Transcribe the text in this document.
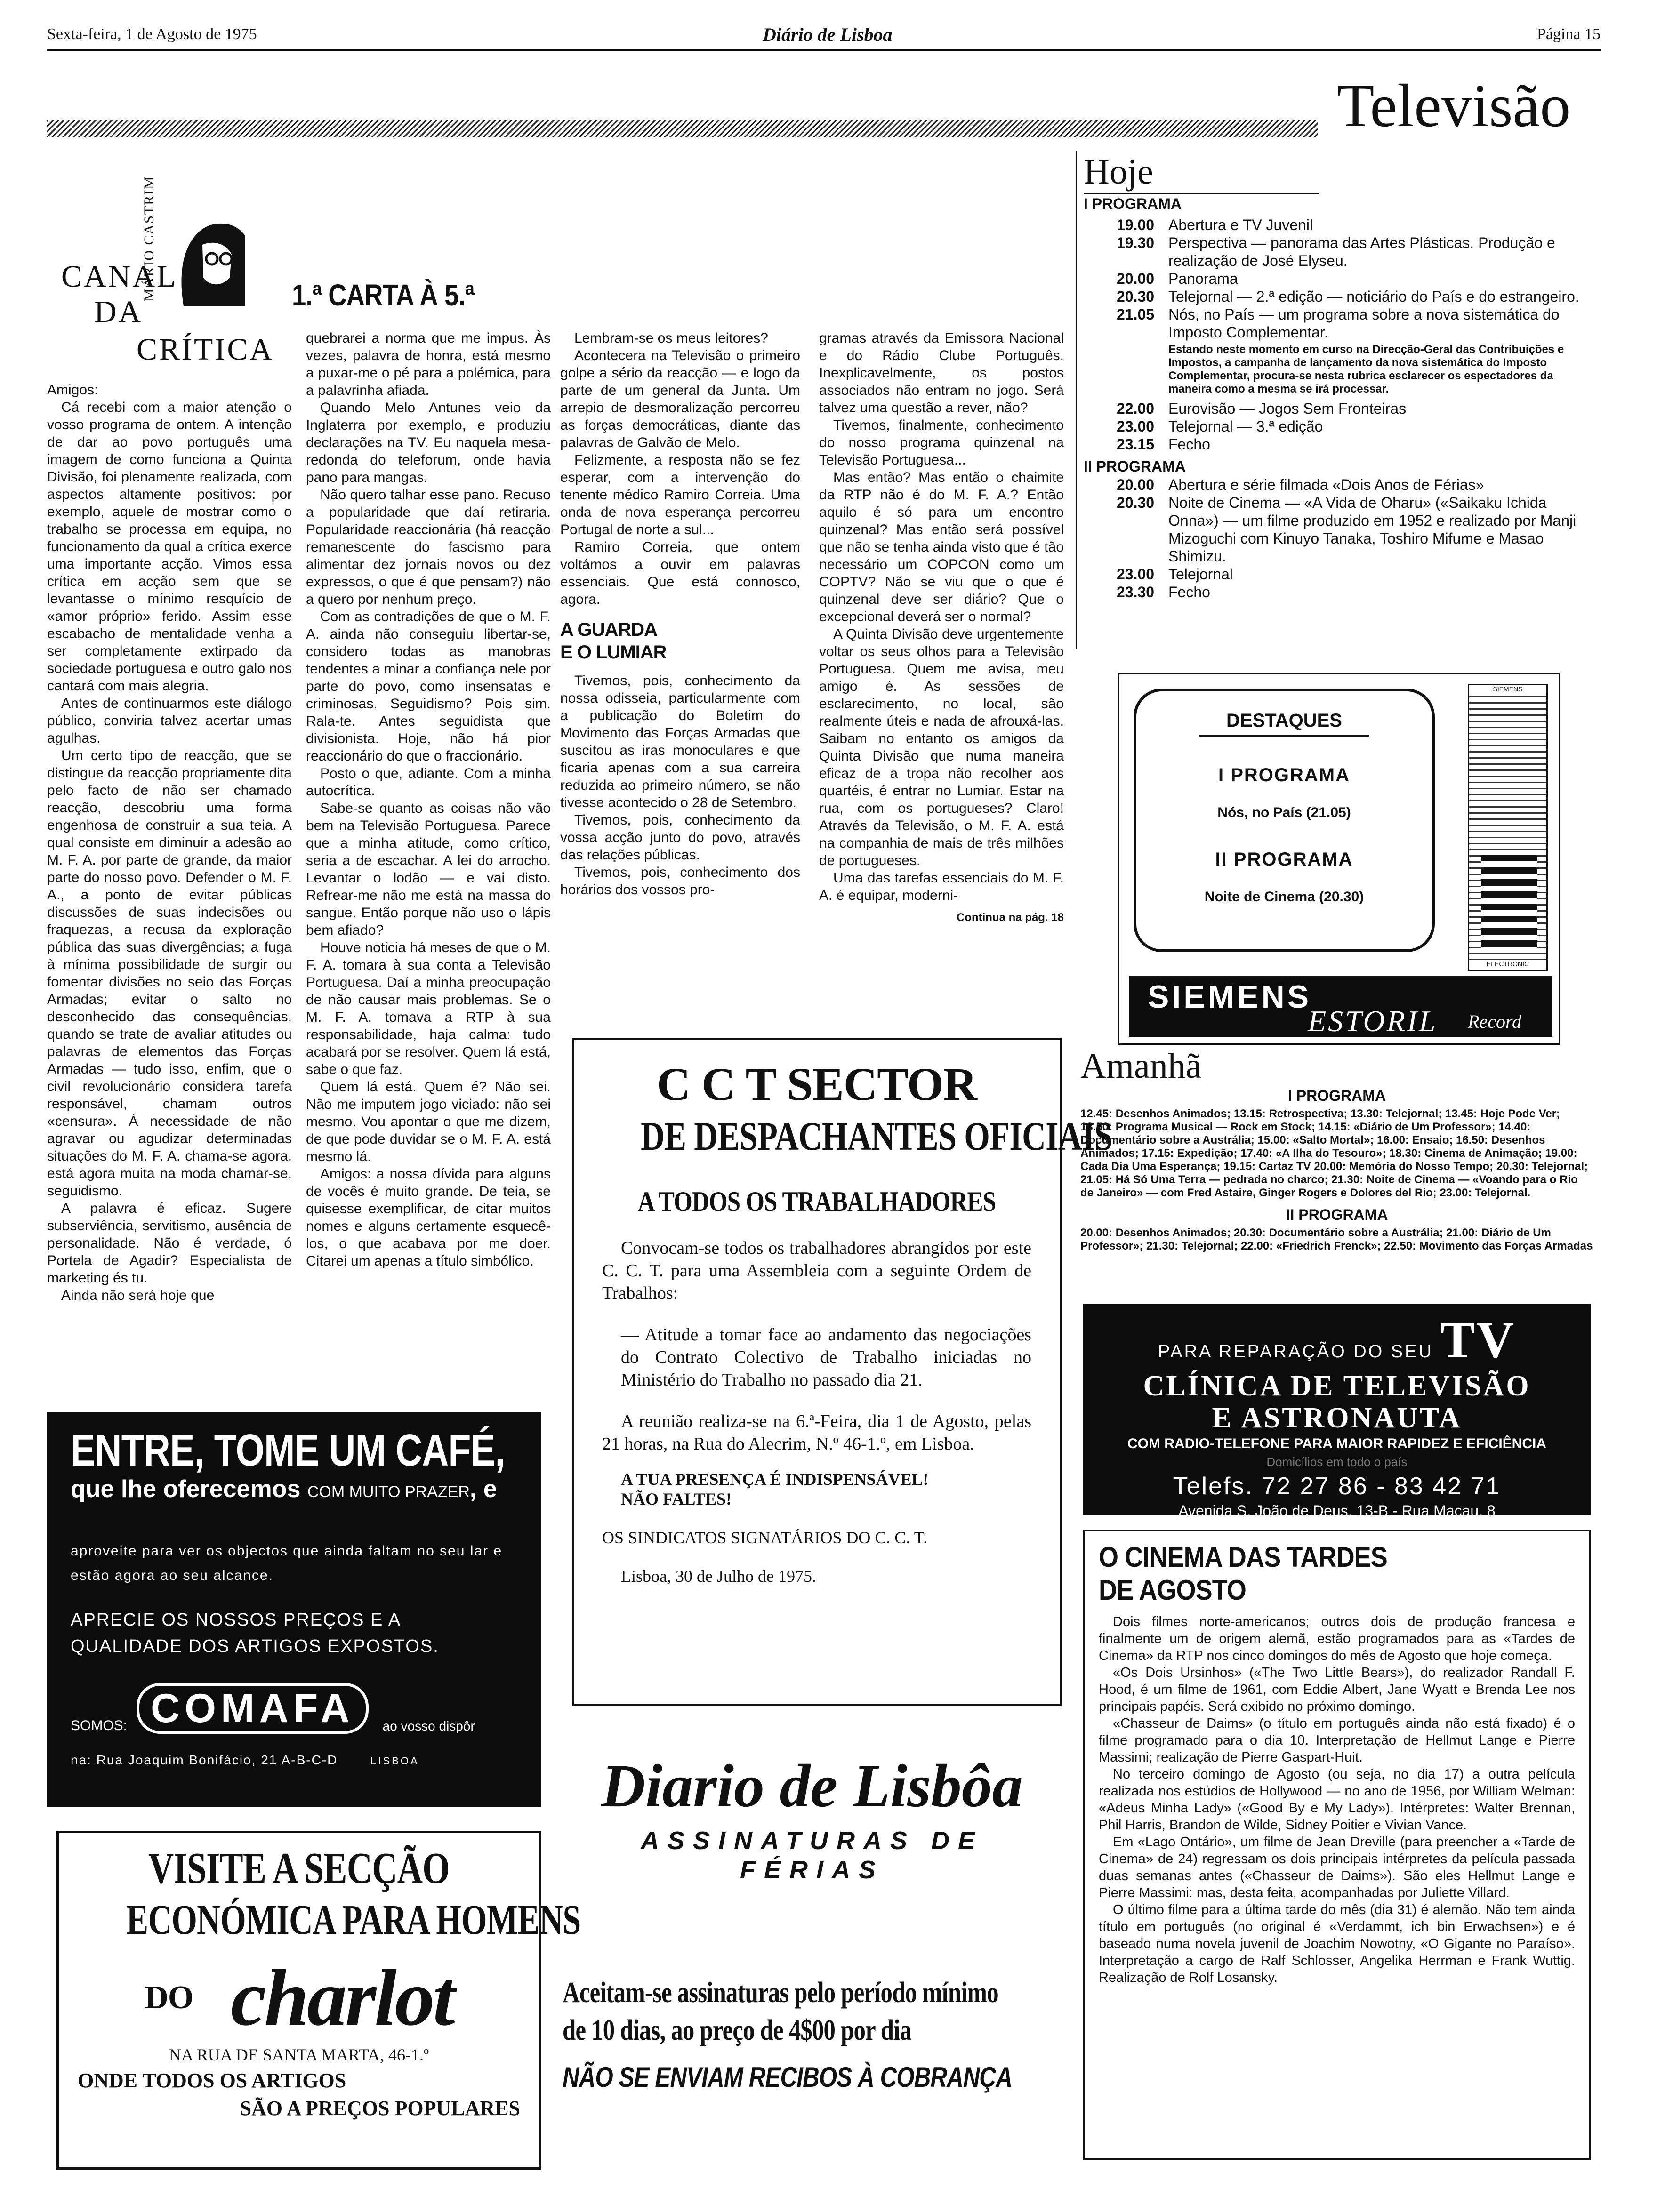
Sexta-feira, 1 de Agosto de 1975	Diário de Lisboa	Página 15
Televisão
CANAL
DA
CRÍTICA
MÁRIO CASTRIM	1.ª CARTA À 5.ª

Amigos:

Cá recebi com a maior atenção o vosso programa de ontem. A intenção de dar ao povo português uma imagem de como funciona a Quinta Divisão, foi plenamente realizada, com aspectos altamente positivos: por exemplo, aquele de mostrar como o trabalho se processa em equipa, no funcionamento da qual a crítica exerce uma importante acção. Vimos essa crítica em acção sem que se levantasse o mínimo resquício de «amor próprio» ferido. Assim esse escabacho de mentalidade venha a ser completamente extirpado da sociedade portuguesa e outro galo nos cantará com mais alegria.

Antes de continuarmos este diálogo público, conviria talvez acertar umas agulhas.

Um certo tipo de reacção, que se distingue da reacção propriamente dita pelo facto de não ser chamado reacção, descobriu uma forma engenhosa de construir a sua teia. A qual consiste em diminuir a adesão ao M. F. A. por parte de grande, da maior parte do nosso povo. Defender o M. F. A., a ponto de evitar públicas discussões de suas indecisões ou fraquezas, a recusa da exploração pública das suas divergências; a fuga à mínima possibilidade de surgir ou fomentar divisões no seio das Forças Armadas; evitar o salto no desconhecido das consequências, quando se trate de avaliar atitudes ou palavras de elementos das Forças Armadas — tudo isso, enfim, que o civil revolucionário considera tarefa responsável, chamam outros «censura». À necessidade de não agravar ou agudizar determinadas situações do M. F. A. chama-se agora, está agora muita na moda chamar-se, seguidismo.

A palavra é eficaz. Sugere subserviência, servitismo, ausência de personalidade. Não é verdade, ó Portela de Agadir? Especialista de marketing és tu.

Ainda não será hoje que

quebrarei a norma que me impus. Às vezes, palavra de honra, está mesmo a puxar-me o pé para a polémica, para a palavrinha afiada.

Quando Melo Antunes veio da Inglaterra por exemplo, e produziu declarações na TV. Eu naquela mesa-redonda do teleforum, onde havia pano para mangas.

Não quero talhar esse pano. Recuso a popularidade que daí retiraria. Popularidade reaccionária (há reacção remanescente do fascismo para alimentar dez jornais novos ou dez expressos, o que é que pensam?) não a quero por nenhum preço.

Com as contradições de que o M. F. A. ainda não conseguiu libertar-se, considero todas as manobras tendentes a minar a confiança nele por parte do povo, como insensatas e criminosas. Seguidismo? Pois sim. Rala-te. Antes seguidista que divisionista. Hoje, não há pior reaccionário do que o fraccionário.

Posto o que, adiante. Com a minha autocrítica.

Sabe-se quanto as coisas não vão bem na Televisão Portuguesa. Parece que a minha atitude, como crítico, seria a de escachar. A lei do arrocho. Levantar o lodão — e vai disto. Refrear-me não me está na massa do sangue. Então porque não uso o lápis bem afiado?

Houve noticia há meses de que o M. F. A. tomara à sua conta a Televisão Portuguesa. Daí a minha preocupação de não causar mais problemas. Se o M. F. A. tomava a RTP à sua responsabilidade, haja calma: tudo acabará por se resolver. Quem lá está, sabe o que faz.

Quem lá está. Quem é? Não sei. Não me imputem jogo viciado: não sei mesmo. Vou apontar o que me dizem, de que pode duvidar se o M. F. A. está mesmo lá.

Amigos: a nossa dívida para alguns de vocês é muito grande. De teia, se quisesse exemplificar, de citar muitos nomes e alguns certamente esquecê-los, o que acabava por me doer. Citarei um apenas a título simbólico.

Lembram-se os meus leitores?

Acontecera na Televisão o primeiro golpe a sério da reacção — e logo da parte de um general da Junta. Um arrepio de desmoralização percorreu as forças democráticas, diante das palavras de Galvão de Melo.

Felizmente, a resposta não se fez esperar, com a intervenção do tenente médico Ramiro Correia. Uma onda de nova esperança percorreu Portugal de norte a sul...

Ramiro Correia, que ontem voltámos a ouvir em palavras essenciais. Que está connosco, agora.

A GUARDA
E O LUMIAR

Tivemos, pois, conhecimento da nossa odisseia, particularmente com a publicação do Boletim do Movimento das Forças Armadas que suscitou as iras monoculares e que ficaria apenas com a sua carreira reduzida ao primeiro número, se não tivesse acontecido o 28 de Setembro.

Tivemos, pois, conhecimento da vossa acção junto do povo, através das relações públicas.

Tivemos, pois, conhecimento dos horários dos vossos pro-

gramas através da Emissora Nacional e do Rádio Clube Português. Inexplicavelmente, os postos associados não entram no jogo. Será talvez uma questão a rever, não?

Tivemos, finalmente, conhecimento do nosso programa quinzenal na Televisão Portuguesa...

Mas então? Mas então o chaimite da RTP não é do M. F. A.? Então aquilo é só para um encontro quinzenal? Mas então será possível que não se tenha ainda visto que é tão necessário um COPCON como um COPTV? Não se viu que o que é quinzenal deve ser diário? Que o excepcional deverá ser o normal?

A Quinta Divisão deve urgentemente voltar os seus olhos para a Televisão Portuguesa. Quem me avisa, meu amigo é. As sessões de esclarecimento, no local, são realmente úteis e nada de afrouxá-las. Saibam no entanto os amigos da Quinta Divisão que numa maneira eficaz de a tropa não recolher aos quartéis, é entrar no Lumiar. Estar na rua, com os portugueses? Claro! Através da Televisão, o M. F. A. está na companhia de mais de três milhões de portugueses.

Uma das tarefas essenciais do M. F. A. é equipar, moderni-

Continua na pág. 18
Hoje
I PROGRAMA
19.00 Abertura e TV Juvenil
19.30 Perspectiva — panorama das Artes Plásticas. Produção e realização de José Elyseu.
20.00 Panorama
20.30 Telejornal — 2.ª edição — noticiário do País e do estrangeiro.
21.05 Nós, no País — um programa sobre a nova sistemática do Imposto Complementar.
Estando neste momento em curso na Direcção-Geral das Contribuições e Impostos, a campanha de lançamento da nova sistemática do Imposto Complementar, procura-se nesta rubrica esclarecer os espectadores da maneira como a mesma se irá processar.
22.00 Eurovisão — Jogos Sem Fronteiras
23.00 Telejornal — 3.ª edição
23.15 Fecho
II PROGRAMA
20.00 Abertura e série filmada «Dois Anos de Férias»
20.30 Noite de Cinema — «A Vida de Oharu» («Saikaku Ichida Onna») — um filme produzido em 1952 e realizado por Manji Mizoguchi com Kinuyo Tanaka, Toshiro Mifume e Masao Shimizu.
23.00 Telejornal
23.30 Fecho
DESTAQUES
I PROGRAMA
Nós, no País (21.05)
II PROGRAMA
Noite de Cinema (20.30)
SIEMENS
ELECTRONIC
SIEMENS
ESTORIL Record
Amanhã
I PROGRAMA
12.45: Desenhos Animados; 13.15: Retrospectiva; 13.30: Telejornal; 13.45: Hoje Pode Ver; 13.50: Programa Musical — Rock em Stock; 14.15: «Diário de Um Professor»; 14.40: Documentário sobre a Austrália; 15.00: «Salto Mortal»; 16.00: Ensaio; 16.50: Desenhos Animados; 17.15: Expedição; 17.40: «A Ilha do Tesouro»; 18.30: Cinema de Animação; 19.00: Cada Dia Uma Esperança; 19.15: Cartaz TV 20.00: Memória do Nosso Tempo; 20.30: Telejornal; 21.05: Há Só Uma Terra — pedrada no charco; 21.30: Noite de Cinema — «Voando para o Rio de Janeiro» — com Fred Astaire, Ginger Rogers e Dolores del Rio; 23.00: Telejornal.
II PROGRAMA
20.00: Desenhos Animados; 20.30: Documentário sobre a Austrália; 21.00: Diário de Um Professor»; 21.30: Telejornal; 22.00: «Friedrich Frenck»; 22.50: Movimento das Forças Armadas
PARA REPARAÇÃO DO SEU TV
CLÍNICA DE TELEVISÃO
E ASTRONAUTA
COM RADIO-TELEFONE PARA MAIOR RAPIDEZ E EFICIÊNCIA
Domicílios em todo o país
Telefs. 72 27 86 - 83 42 71
Avenida S. João de Deus, 13-B - Rua Macau, 8
O CINEMA DAS TARDES
DE AGOSTO

Dois filmes norte-americanos; outros dois de produção francesa e finalmente um de origem alemã, estão programados para as «Tardes de Cinema» da RTP nos cinco domingos do mês de Agosto que hoje começa.

«Os Dois Ursinhos» («The Two Little Bears»), do realizador Randall F. Hood, é um filme de 1961, com Eddie Albert, Jane Wyatt e Brenda Lee nos principais papéis. Será exibido no próximo domingo.

«Chasseur de Daims» (o título em português ainda não está fixado) é o filme programado para o dia 10. Interpretação de Hellmut Lange e Pierre Massimi; realização de Pierre Gaspart-Huit.

No terceiro domingo de Agosto (ou seja, no dia 17) a outra película realizada nos estúdios de Hollywood — no ano de 1956, por William Welman: «Adeus Minha Lady» («Good By e My Lady»). Intérpretes: Walter Brennan, Phil Harris, Brandon de Wilde, Sidney Poitier e Vivian Vance.

Em «Lago Ontário», um filme de Jean Dreville (para preencher a «Tarde de Cinema» de 24) regressam os dois principais intérpretes da película passada duas semanas antes («Chasseur de Daims»). São eles Hellmut Lange e Pierre Massimi: mas, desta feita, acompanhadas por Juliette Villard.

O último filme para a última tarde do mês (dia 31) é alemão. Não tem ainda título em português (no original é «Verdammt, ich bin Erwachsen») e é baseado numa novela juvenil de Joachim Nowotny, «O Gigante no Paraíso». Interpretação a cargo de Ralf Schlosser, Angelika Herrman e Frank Wuttig. Realização de Rolf Losansky.

C C T SECTOR
DE DESPACHANTES OFICIAIS
A TODOS OS TRABALHADORES
Convocam-se todos os trabalhadores abrangidos por este C. C. T. para uma Assembleia com a seguinte Ordem de Trabalhos:
— Atitude a tomar face ao andamento das negociações do Contrato Colectivo de Trabalho iniciadas no Ministério do Trabalho no passado dia 21.
A reunião realiza-se na 6.ª-Feira, dia 1 de Agosto, pelas 21 horas, na Rua do Alecrim, N.º 46-1.º, em Lisboa.
A TUA PRESENÇA É INDISPENSÁVEL!
NÃO FALTES!
OS SINDICATOS SIGNATÁRIOS DO C. C. T.
Lisboa, 30 de Julho de 1975.
Diario de Lisbôa
ASSINATURAS DE FÉRIAS
Aceitam-se assinaturas pelo período mínimo
de 10 dias, ao preço de 4$00 por dia
NÃO SE ENVIAM RECIBOS À COBRANÇA
ENTRE, TOME UM CAFÉ,
que lhe oferecemos COM MUITO PRAZER, e
aproveite para ver os objectos que ainda faltam no seu lar e estão agora ao seu alcance.
APRECIE OS NOSSOS PREÇOS E A QUALIDADE DOS ARTIGOS EXPOSTOS.
SOMOS: COMAFA	ao vosso dispôr
na: Rua Joaquim Bonifácio, 21 A-B-C-D	LISBOA
VISITE A SECÇÃO
ECONÓMICA PARA HOMENS
DO charlot
NA RUA DE SANTA MARTA, 46-1.º
ONDE TODOS OS ARTIGOS
SÃO A PREÇOS POPULARES
